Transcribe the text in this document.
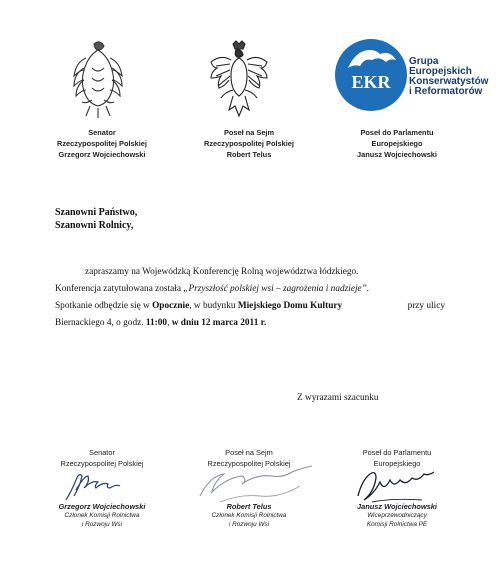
EKR
Grupa
Europejskich
Konserwatystów
i Reformatorów
Senator
Rzeczypospolitej Polskiej
Grzegorz Wojciechowski
Poseł na Sejm
Rzeczypospolitej Polskiej
Robert Telus
Poseł do Parlamentu
Europejskiego
Janusz Wojciechowski
Szanowni Państwo,
Szanowni Rolnicy,
zapraszamy na Wojewódzką Konferencję Rolną województwa łódzkiego.
Konferencja zatytułowana została „Przyszłość polskiej wsi – zagrożenia i nadzieje”.
Spotkanie odbędzie się w Opocznie, w budynku Miejskiego Domu Kultury	przy ulicy
Biernackiego 4, o godz. 11:00, w dniu 12 marca 2011 r.
Z wyrazami szacunku
Senator
Rzeczypospolitej Polskiej
Grzegorz Wojciechowski
Członek Komisji Rolnictwa
i Rozwoju Wsi
Poseł na Sejm
Rzeczypospolitej Polskiej
Robert Telus
Członek Komisji Rolnictwa
i Rozwoju Wsi
Poseł do Parlamentu
Europejskiego
Janusz Wojciechowski
Wiceprzewodniczący
Komisji Rolnictwa PE
